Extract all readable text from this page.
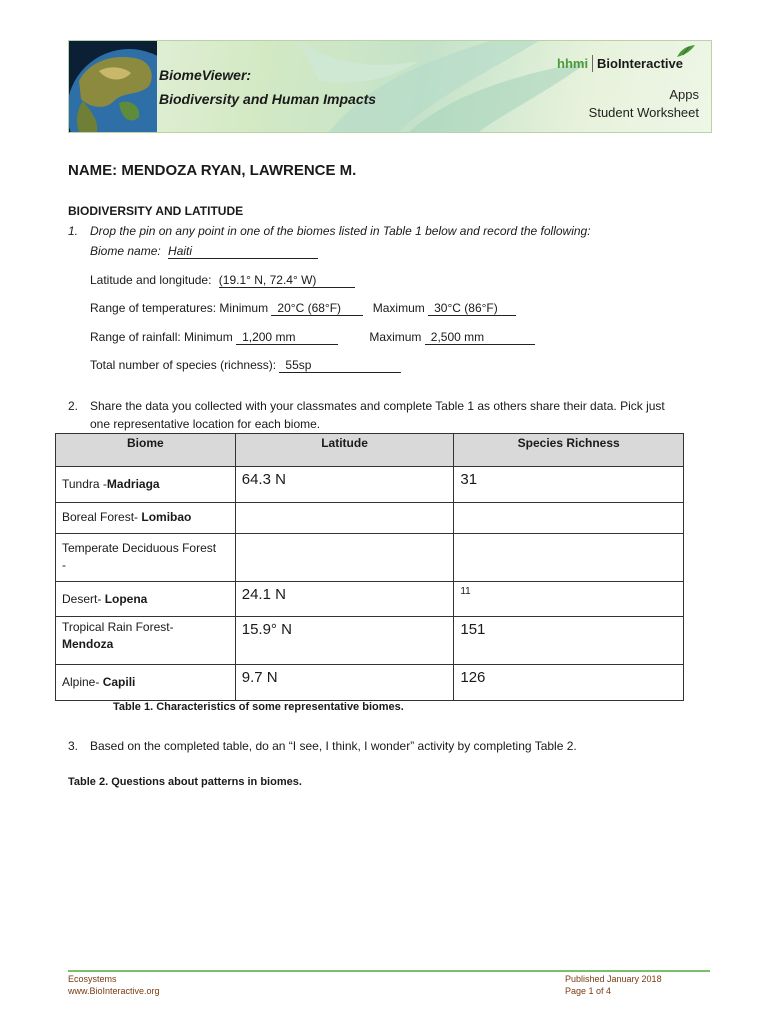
BiomeViewer:
Biodiversity and Human Impacts
hhmi BioInteractive
Apps
Student Worksheet
NAME: MENDOZA RYAN, LAWRENCE M.
BIODIVERSITY AND LATITUDE
1. Drop the pin on any point in one of the biomes listed in Table 1 below and record the following:
Biome name: Haiti
Latitude and longitude: (19.1° N, 72.4° W)
Range of temperatures: Minimum 20°C (68°F)	Maximum 30°C (86°F)
Range of rainfall: Minimum 1,200 mm	Maximum 2,500 mm
Total number of species (richness): 55sp
2. Share the data you collected with your classmates and complete Table 1 as others share their data. Pick just
one representative location for each biome.
Biome	Latitude	Species Richness
Tundra -Madriaga	64.3 N	31
Boreal Forest- Lomibao		
Temperate Deciduous Forest
-		
Desert- Lopena	24.1 N	11
Tropical Rain Forest-
Mendoza	15.9° N	151
Alpine- Capili	9.7 N	126
Table 1. Characteristics of some representative biomes.
3. Based on the completed table, do an “I see, I think, I wonder” activity by completing Table 2.
Table 2. Questions about patterns in biomes.
Ecosystems
www.BioInteractive.org
Published January 2018
Page 1 of 4
